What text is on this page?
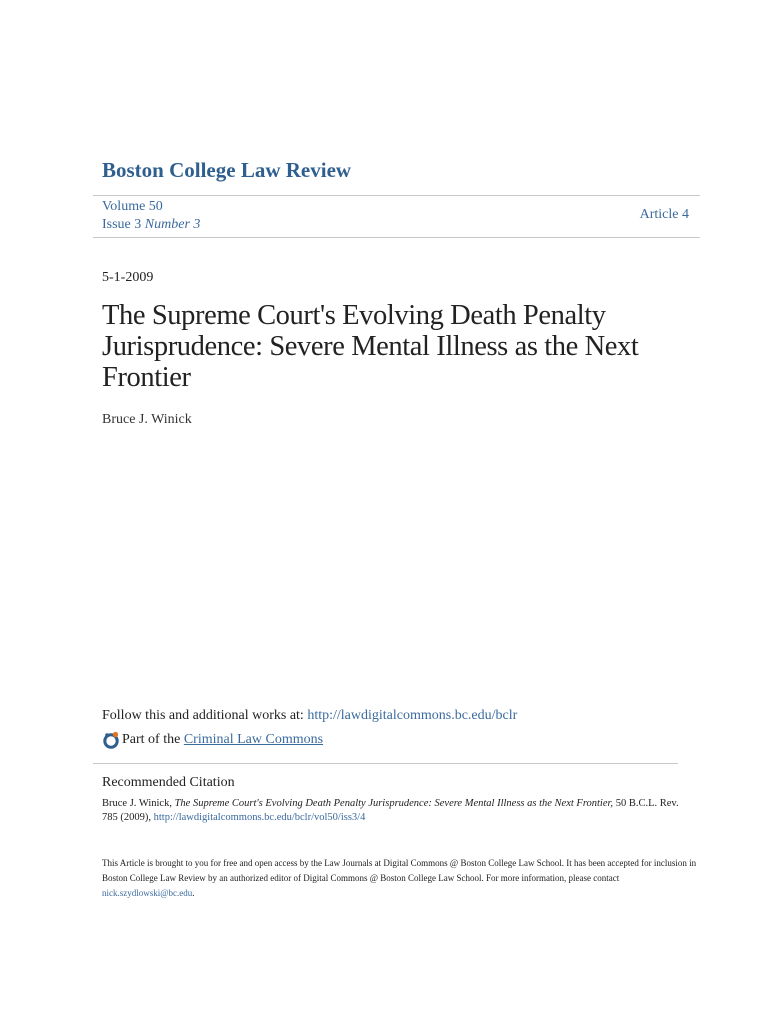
Boston College Law Review
Volume 50
Issue 3 Number 3
Article 4
5-1-2009
The Supreme Court's Evolving Death Penalty
Jurisprudence: Severe Mental Illness as the Next
Frontier
Bruce J. Winick
Follow this and additional works at: http://lawdigitalcommons.bc.edu/bclr
Part of the
Criminal Law Commons
Recommended Citation
Bruce J. Winick, The Supreme Court's Evolving Death Penalty Jurisprudence: Severe Mental Illness as the Next Frontier, 50 B.C.L. Rev. 785 (2009), http://lawdigitalcommons.bc.edu/bclr/vol50/iss3/4
This Article is brought to you for free and open access by the Law Journals at Digital Commons @ Boston College Law School. It has been accepted for inclusion in Boston College Law Review by an authorized editor of Digital Commons @ Boston College Law School. For more information, please contact nick.szydlowski@bc.edu.
